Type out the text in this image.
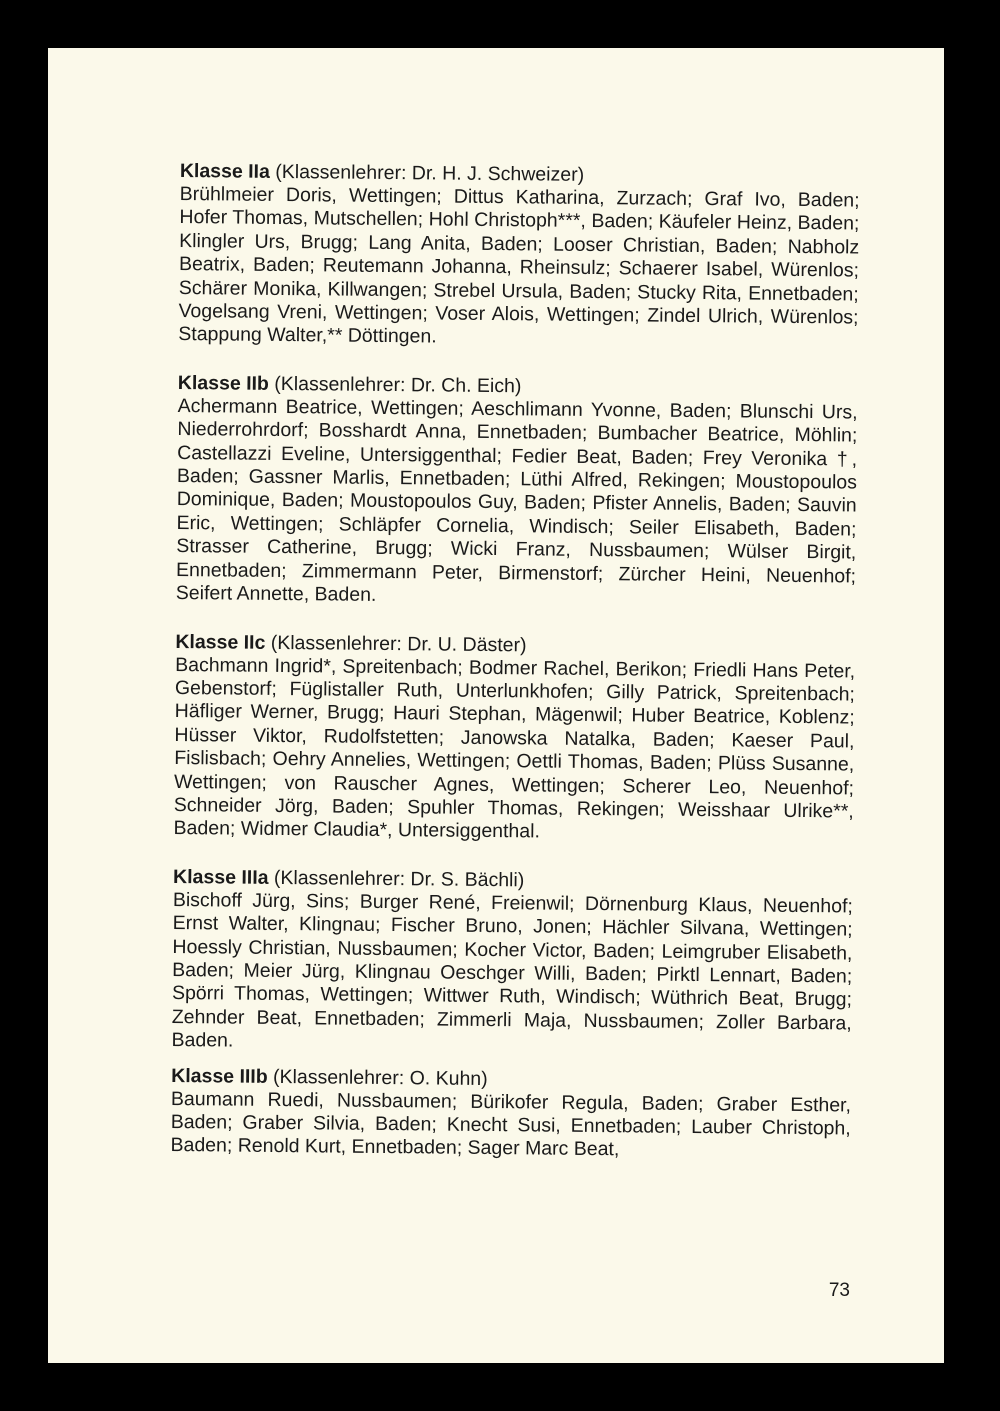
Klasse IIa (Klassenlehrer: Dr. H. J. Schweizer)

Brühlmeier Doris, Wettingen; Dittus Katharina, Zurzach; Graf Ivo, Baden; Hofer Thomas, Mutschellen; Hohl Christoph***, Baden; Käufeler Heinz, Baden; Klingler Urs, Brugg; Lang Anita, Baden; Looser Christian, Baden; Nabholz Beatrix, Baden; Reutemann Johanna, Rheinsulz; Schaerer Isabel, Würenlos; Schärer Monika, Killwangen; Strebel Ursula, Baden; Stucky Rita, Ennetbaden; Vogelsang Vreni, Wettingen; Voser Alois, Wettingen; Zindel Ulrich, Würenlos; Stappung Walter,** Döttingen.

Klasse IIb (Klassenlehrer: Dr. Ch. Eich)

Achermann Beatrice, Wettingen; Aeschlimann Yvonne, Baden; Blunschi Urs, Niederrohrdorf; Bosshardt Anna, Ennetbaden; Bumbacher Beatrice, Möhlin; Castellazzi Eveline, Untersiggenthal; Fedier Beat, Baden; Frey Veronika †, Baden; Gassner Marlis, Ennetbaden; Lüthi Alfred, Rekingen; Moustopoulos Dominique, Baden; Moustopoulos Guy, Baden; Pfister Annelis, Baden; Sauvin Eric, Wettingen; Schläpfer Cornelia, Windisch; Seiler Elisabeth, Baden; Strasser Catherine, Brugg; Wicki Franz, Nussbaumen; Wülser Birgit, Ennetbaden; Zimmermann Peter, Birmenstorf; Zürcher Heini, Neuenhof; Seifert Annette, Baden.

Klasse IIc (Klassenlehrer: Dr. U. Däster)

Bachmann Ingrid*, Spreitenbach; Bodmer Rachel, Berikon; Friedli Hans Peter, Gebenstorf; Füglistaller Ruth, Unterlunkhofen; Gilly Patrick, Spreitenbach; Häfliger Werner, Brugg; Hauri Stephan, Mägenwil; Huber Beatrice, Koblenz; Hüsser Viktor, Rudolfstetten; Janowska Natalka, Baden; Kaeser Paul, Fislisbach; Oehry Annelies, Wettingen; Oettli Thomas, Baden; Plüss Susanne, Wettingen; von Rauscher Agnes, Wettingen; Scherer Leo, Neuenhof; Schneider Jörg, Baden; Spuhler Thomas, Rekingen; Weisshaar Ulrike**, Baden; Widmer Claudia*, Untersiggenthal.

Klasse IIIa (Klassenlehrer: Dr. S. Bächli)

Bischoff Jürg, Sins; Burger René, Freienwil; Dörnenburg Klaus, Neuenhof; Ernst Walter, Klingnau; Fischer Bruno, Jonen; Hächler Silvana, Wettingen; Hoessly Christian, Nussbaumen; Kocher Victor, Baden; Leimgruber Elisabeth, Baden; Meier Jürg, Klingnau Oeschger Willi, Baden; Pirktl Lennart, Baden; Spörri Thomas, Wettingen; Wittwer Ruth, Windisch; Wüthrich Beat, Brugg; Zehnder Beat, Ennetbaden; Zimmerli Maja, Nussbaumen; Zoller Barbara, Baden.

Klasse IIIb (Klassenlehrer: O. Kuhn)

Baumann Ruedi, Nussbaumen; Bürikofer Regula, Baden; Graber Esther, Baden; Graber Silvia, Baden; Knecht Susi, Ennetbaden; Lauber Christoph, Baden; Renold Kurt, Ennetbaden; Sager Marc Beat,

73
